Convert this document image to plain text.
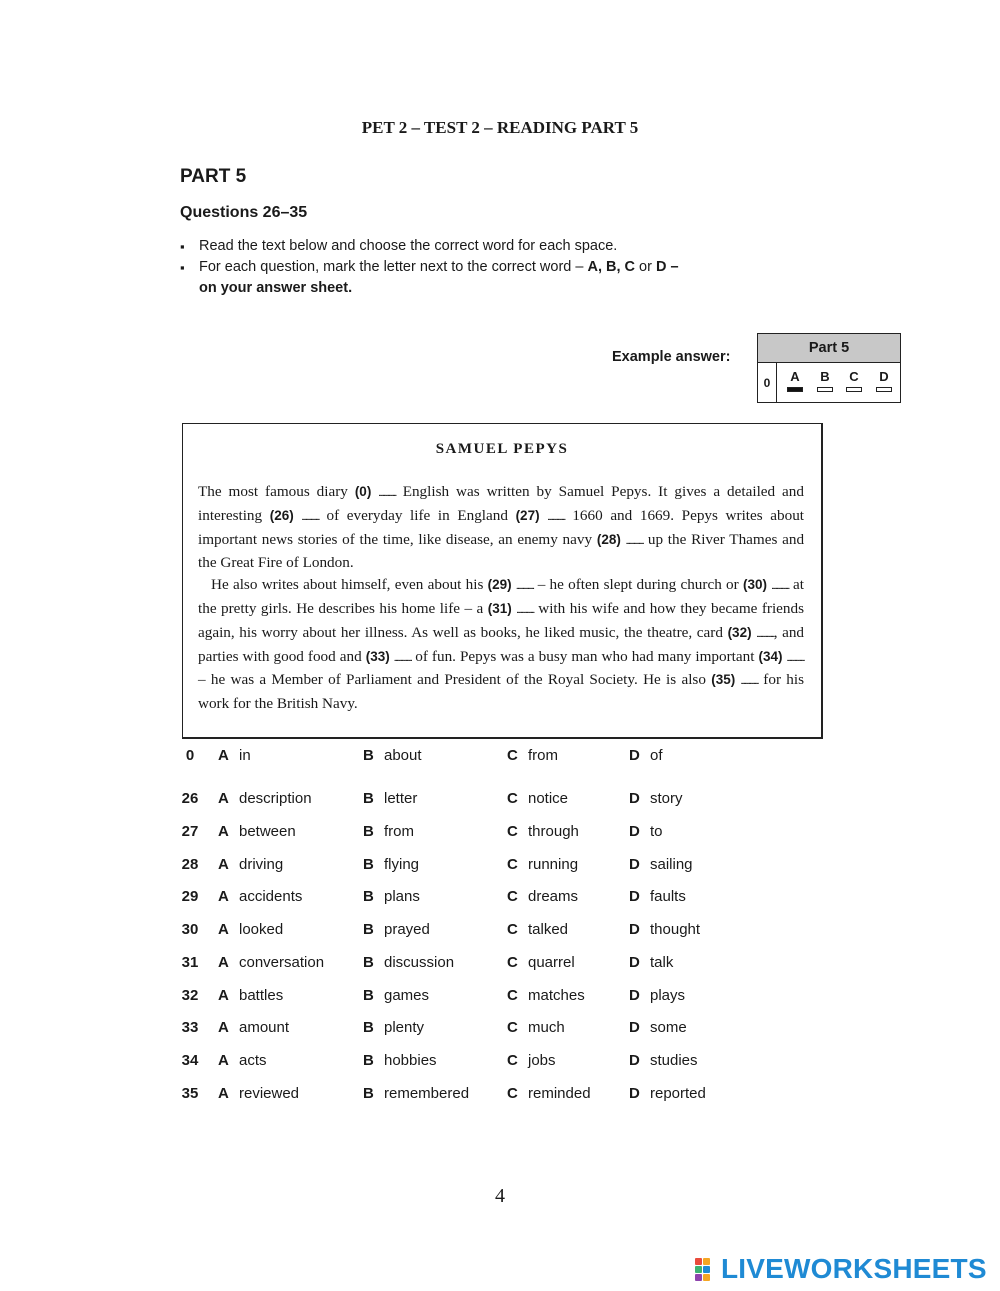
PET 2 – TEST 2 – READING PART 5
PART 5
Questions 26–35
▪ Read the text below and choose the correct word for each space.
▪ For each question, mark the letter next to the correct word – A, B, C or D –
on your answer sheet.
Example answer:
Part 5
0	A	B	C	D
SAMUEL PEPYS

The most famous diary (0) .............. English was written by Samuel Pepys. It gives a detailed and interesting (26) .............. of everyday life in England (27) .............. 1660 and 1669. Pepys writes about important news stories of the time, like disease, an enemy navy (28) .............. up the River Thames and the Great Fire of London.

He also writes about himself, even about his (29) .............. – he often slept during church or (30) .............. at the pretty girls. He describes his home life – a (31) .............. with his wife and how they became friends again, his worry about her illness. As well as books, he liked music, the theatre, card (32) .............., and parties with good food and (33) .............. of fun. Pepys was a busy man who had many important (34) .............. – he was a Member of Parliament and President of the Royal Society. He is also (35) .............. for his work for the British Navy.

0	A in	B about	C from	D of
26 A description	B letter	C notice	D story
27 A between	B from	C through	D to
28 A driving	B flying	C running	D sailing
29 A accidents	B plans	C dreams	D faults
30 A looked	B prayed	C talked	D thought
31 A conversation	B discussion	C quarrel	D talk
32 A battles	B games	C matches	D plays
33 A amount	B plenty	C much	D some
34 A acts	B hobbies	C jobs	D studies
35 A reviewed	B remembered	C reminded	D reported
4
LIVEWORKSHEETS
